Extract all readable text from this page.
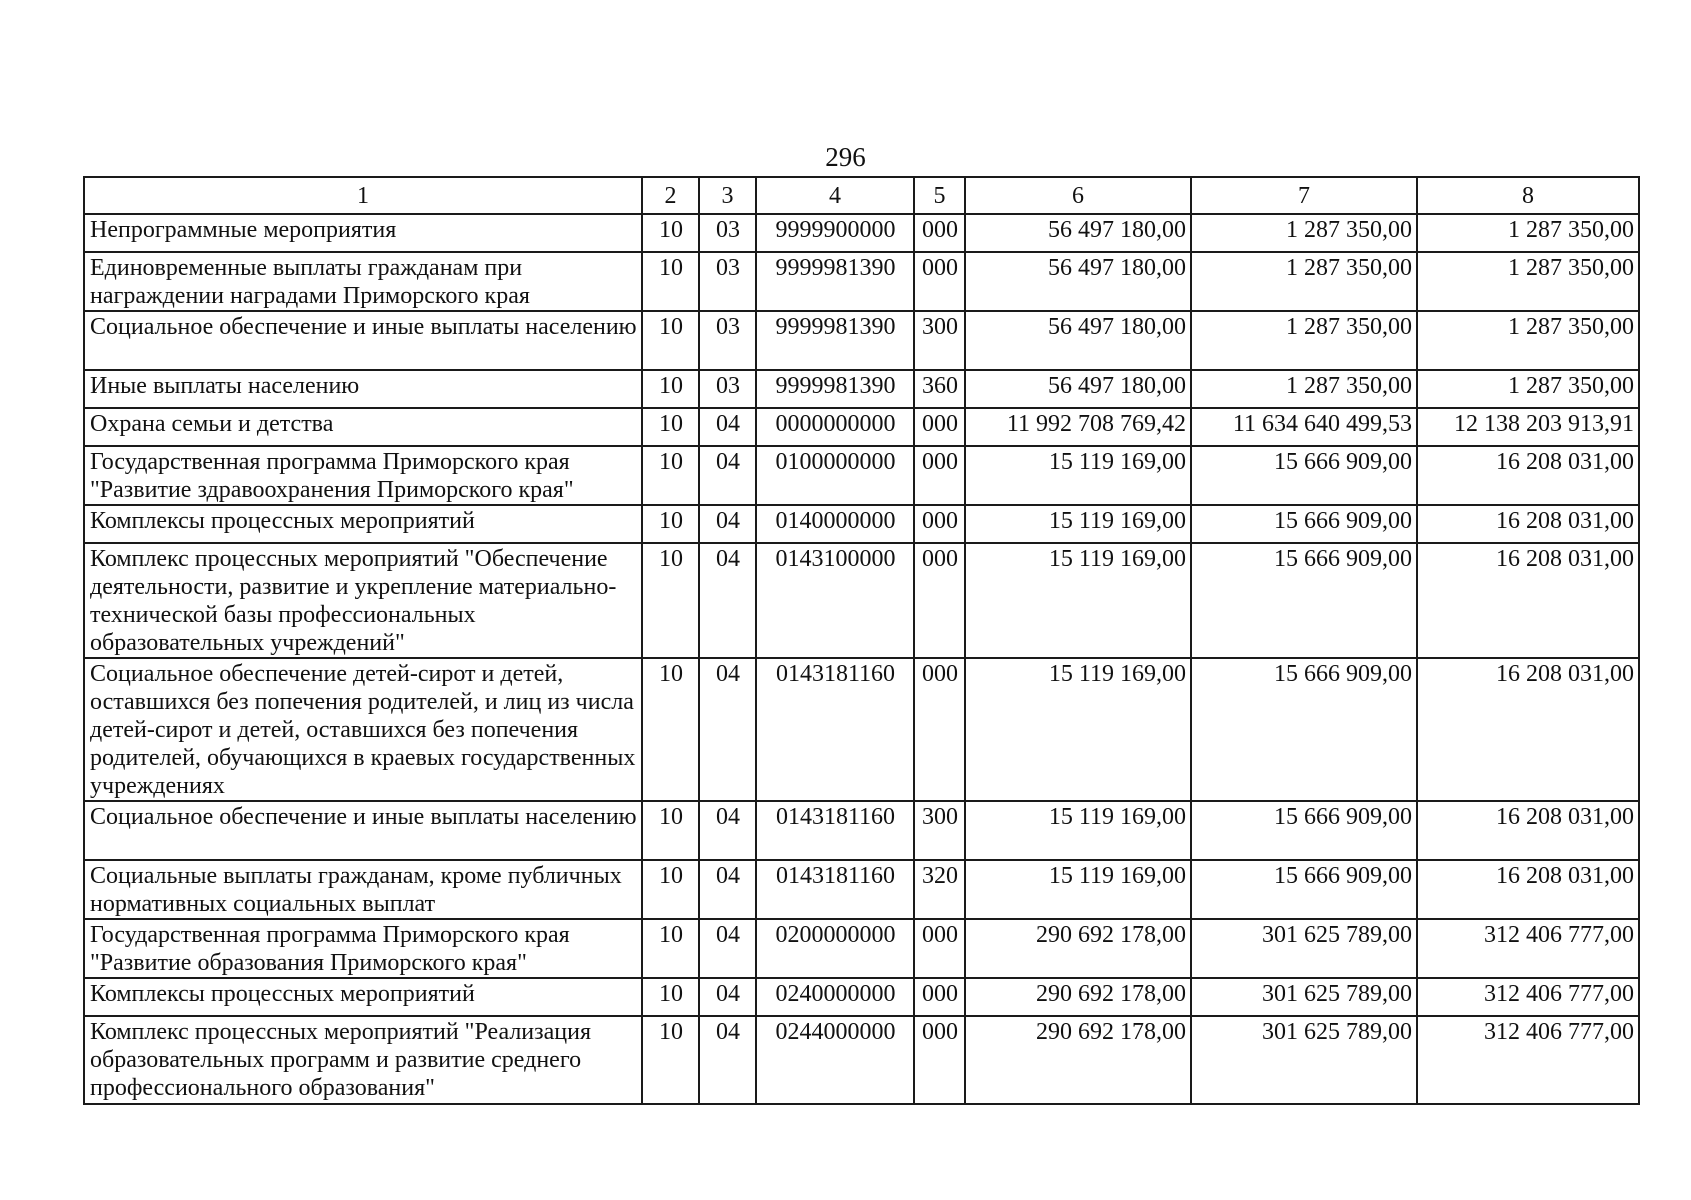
296
1	2	3	4	5	6	7	8
Непрограммные мероприятия	10	03	9999900000	000	56 497 180,00	1 287 350,00	1 287 350,00
Единовременные выплаты гражданам при награждении наградами Приморского края	10	03	9999981390	000	56 497 180,00	1 287 350,00	1 287 350,00
Социальное обеспечение и иные выплаты населению	10	03	9999981390	300	56 497 180,00	1 287 350,00	1 287 350,00
Иные выплаты населению	10	03	9999981390	360	56 497 180,00	1 287 350,00	1 287 350,00
Охрана семьи и детства	10	04	0000000000	000	11 992 708 769,42	11 634 640 499,53	12 138 203 913,91
Государственная программа Приморского края "Развитие здравоохранения Приморского края"	10	04	0100000000	000	15 119 169,00	15 666 909,00	16 208 031,00
Комплексы процессных мероприятий	10	04	0140000000	000	15 119 169,00	15 666 909,00	16 208 031,00
Комплекс процессных мероприятий "Обеспечение деятельности, развитие и укрепление материально-технической базы профессиональных образовательных учреждений"	10	04	0143100000	000	15 119 169,00	15 666 909,00	16 208 031,00
Социальное обеспечение детей-сирот и детей, оставшихся без попечения родителей, и лиц из числа детей-сирот и детей, оставшихся без попечения родителей, обучающихся в краевых государственных учреждениях	10	04	0143181160	000	15 119 169,00	15 666 909,00	16 208 031,00
Социальное обеспечение и иные выплаты населению	10	04	0143181160	300	15 119 169,00	15 666 909,00	16 208 031,00
Социальные выплаты гражданам, кроме публичных нормативных социальных выплат	10	04	0143181160	320	15 119 169,00	15 666 909,00	16 208 031,00
Государственная программа Приморского края "Развитие образования Приморского края"	10	04	0200000000	000	290 692 178,00	301 625 789,00	312 406 777,00
Комплексы процессных мероприятий	10	04	0240000000	000	290 692 178,00	301 625 789,00	312 406 777,00
Комплекс процессных мероприятий "Реализация образовательных программ и развитие среднего профессионального образования"	10	04	0244000000	000	290 692 178,00	301 625 789,00	312 406 777,00
